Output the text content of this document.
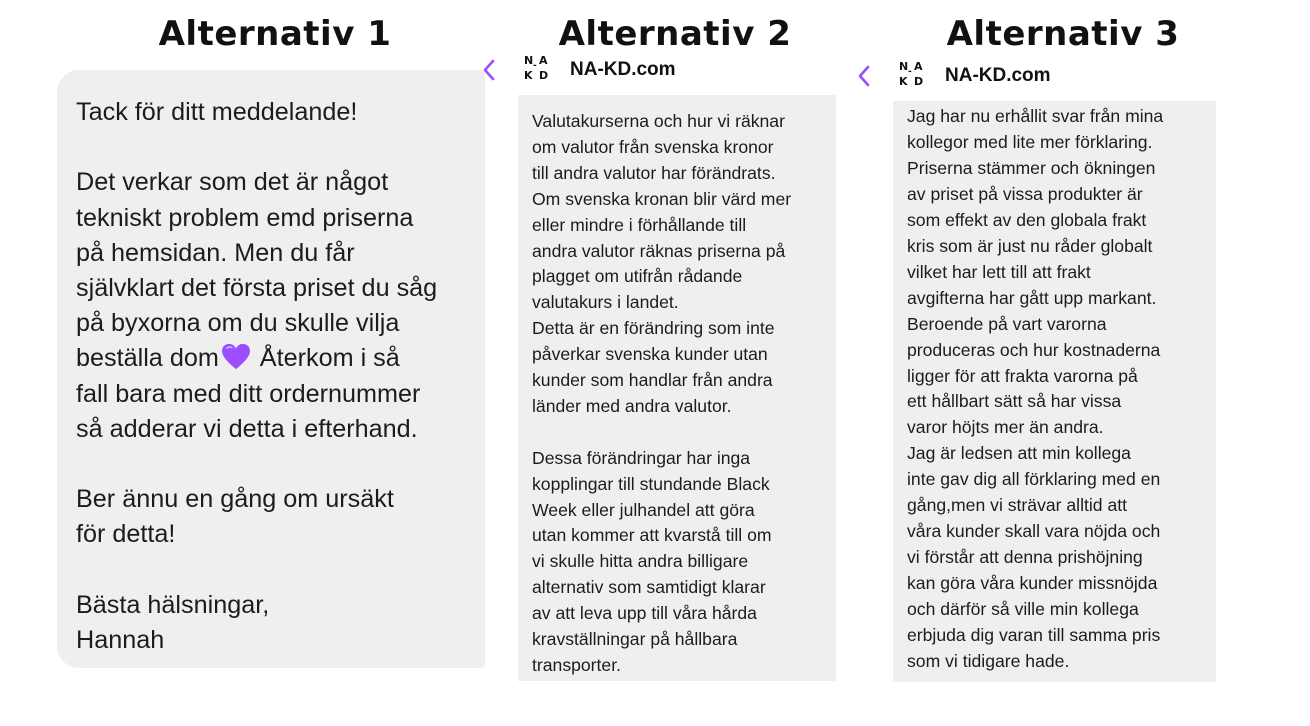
Alternativ 1	Alternativ 2	Alternativ 3

Tack för ditt meddelande!

Det verkar som det är något
tekniskt problem emd priserna
på hemsidan. Men du får
självklart det första priset du såg
på byxorna om du skulle vilja
beställa dom Återkom i så
fall bara med ditt ordernummer
så adderar vi detta i efterhand.

Ber ännu en gång om ursäkt
för detta!

Bästa hälsningar,
Hannah

N A
-
K D NA-KD.com

Valutakurserna och hur vi räknar
om valutor från svenska kronor
till andra valutor har förändrats.
Om svenska kronan blir värd mer
eller mindre i förhållande till
andra valutor räknas priserna på
plagget om utifrån rådande
valutakurs i landet.
Detta är en förändring som inte
påverkar svenska kunder utan
kunder som handlar från andra
länder med andra valutor.

Dessa förändringar har inga
kopplingar till stundande Black
Week eller julhandel att göra
utan kommer att kvarstå till om
vi skulle hitta andra billigare
alternativ som samtidigt klarar
av att leva upp till våra hårda
kravställningar på hållbara
transporter.

N A
-
K D NA-KD.com

Jag har nu erhållit svar från mina
kollegor med lite mer förklaring.
Priserna stämmer och ökningen
av priset på vissa produkter är
som effekt av den globala frakt
kris som är just nu råder globalt
vilket har lett till att frakt
avgifterna har gått upp markant.
Beroende på vart varorna
produceras och hur kostnaderna
ligger för att frakta varorna på
ett hållbart sätt så har vissa
varor höjts mer än andra.
Jag är ledsen att min kollega
inte gav dig all förklaring med en
gång,men vi strävar alltid att
våra kunder skall vara nöjda och
vi förstår att denna prishöjning
kan göra våra kunder missnöjda
och därför så ville min kollega
erbjuda dig varan till samma pris
som vi tidigare hade.
